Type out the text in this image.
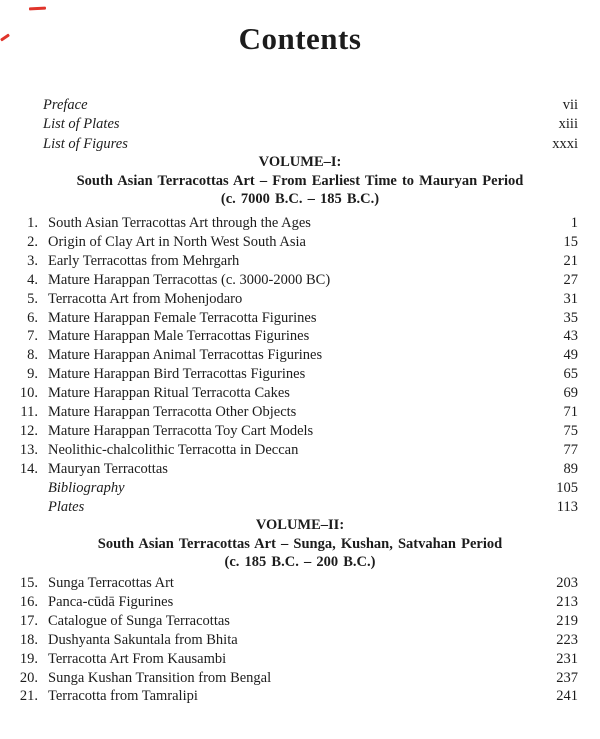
Contents
Preface	vii
List of Plates	xiii
List of Figures	xxxi
VOLUME–I:
South Asian Terracottas Art – From Earliest Time to Mauryan Period
(c. 7000 B.C. – 185 B.C.)
1. South Asian Terracottas Art through the Ages	1
2. Origin of Clay Art in North West South Asia	15
3. Early Terracottas from Mehrgarh	21
4. Mature Harappan Terracottas (c. 3000-2000 BC)	27
5. Terracotta Art from Mohenjodaro	31
6. Mature Harappan Female Terracotta Figurines	35
7. Mature Harappan Male Terracottas Figurines	43
8. Mature Harappan Animal Terracottas Figurines	49
9. Mature Harappan Bird Terracottas Figurines	65
10. Mature Harappan Ritual Terracotta Cakes	69
11. Mature Harappan Terracotta Other Objects	71
12. Mature Harappan Terracotta Toy Cart Models	75
13. Neolithic-chalcolithic Terracotta in Deccan	77
14. Mauryan Terracottas	89
Bibliography	105
Plates	113
VOLUME–II:
South Asian Terracottas Art – Sunga, Kushan, Satvahan Period
(c. 185 B.C. – 200 B.C.)
15. Sunga Terracottas Art	203
16. Panca-cūdā Figurines	213
17. Catalogue of Sunga Terracottas	219
18. Dushyanta Sakuntala from Bhita	223
19. Terracotta Art From Kausambi	231
20. Sunga Kushan Transition from Bengal	237
21. Terracotta from Tamralipi	241
